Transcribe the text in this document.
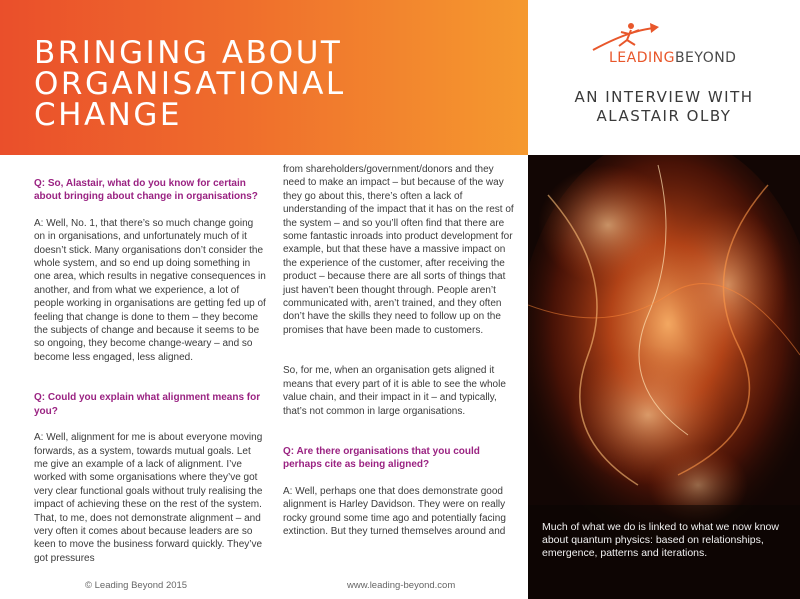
BRINGING ABOUT
ORGANISATIONAL
CHANGE
LEADINGBEYOND
AN INTERVIEW WITH
ALASTAIR OLBY
Much of what we do is linked to what we now know about quantum physics: based on relationships, emergence, patterns and iterations.

Q: So, Alastair, what do you know for certain about bringing about change in organisations?

A: Well, No. 1, that there’s so much change going on in organisations, and unfortunately much of it doesn’t stick. Many organisations don’t consider the whole system, and so end up doing something in one area, which results in negative consequences in another, and from what we experience, a lot of people working in organisations are getting fed up of feeling that change is done to them – they become the subjects of change and because it seems to be so ongoing, they become change-weary – and so become less engaged, less aligned.

Q: Could you explain what alignment means for you?

A: Well, alignment for me is about everyone moving forwards, as a system, towards mutual goals. Let me give an example of a lack of alignment. I’ve worked with some organisations where they’ve got very clear functional goals without truly realising the impact of achieving these on the rest of the system. That, to me, does not demonstrate alignment – and very often it comes about because leaders are so keen to move the business forward quickly. They’ve got pressures

from shareholders/government/donors and they need to make an impact – but because of the way they go about this, there’s often a lack of understanding of the impact that it has on the rest of the system – and so you’ll often find that there are some fantastic inroads into product development for example, but that these have a massive impact on the experience of the customer, after receiving the product – because there are all sorts of things that just haven’t been thought through. People aren’t communicated with, aren’t trained, and they often don’t have the skills they need to follow up on the promises that have been made to customers.

So, for me, when an organisation gets aligned it means that every part of it is able to see the whole value chain, and their impact in it – and typically, that’s not common in large organisations.

Q: Are there organisations that you could perhaps cite as being aligned?

A: Well, perhaps one that does demonstrate good alignment is Harley Davidson. They were on really rocky ground some time ago and potentially facing extinction. But they turned themselves around and

© Leading Beyond 2015	www.leading-beyond.com
